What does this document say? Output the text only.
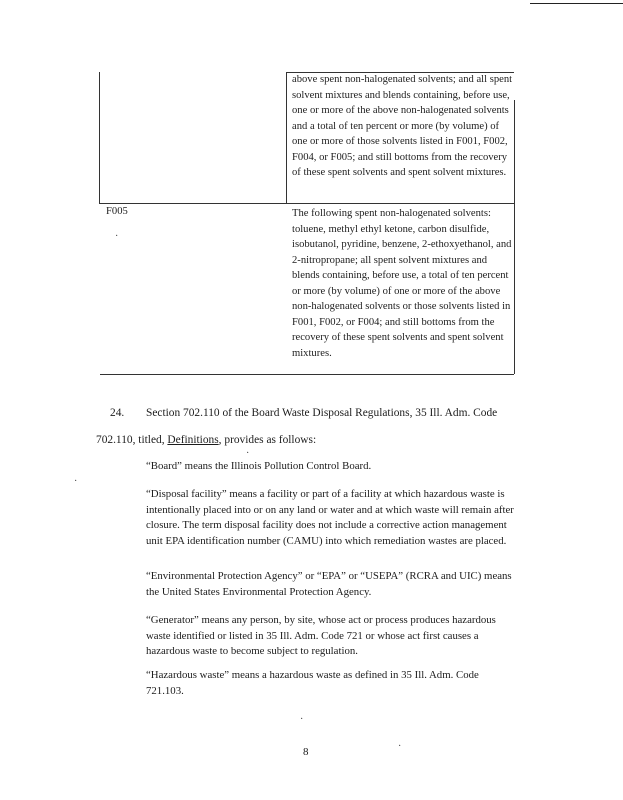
above spent non-halogenated solvents; and all spent solvent mixtures and blends containing, before use, one or more of the above non-halogenated solvents and a total of ten percent or more (by volume) of one or more of those solvents listed in F001, F002, F004, or F005; and still bottoms from the recovery of these spent solvents and spent solvent mixtures.
F005
·
The following spent non-halogenated solvents: toluene, methyl ethyl ketone, carbon disulfide, isobutanol, pyridine, benzene, 2-ethoxyethanol, and 2-nitropropane; all spent solvent mixtures and blends containing, before use, a total of ten percent or more (by volume) of one or more of the above non-halogenated solvents or those solvents listed in F001, F002, or F004; and still bottoms from the recovery of these spent solvents and spent solvent mixtures.
24. Section 702.110 of the Board Waste Disposal Regulations, 35 Ill. Adm. Code
702.110, titled, Definitions, provides as follows:
·
·
·
·
“Board” means the Illinois Pollution Control Board.
“Disposal facility” means a facility or part of a facility at which hazardous waste is intentionally placed into or on any land or water and at which waste will remain after closure. The term disposal facility does not include a corrective action management unit EPA identification number (CAMU) into which remediation wastes are placed.
“Environmental Protection Agency” or “EPA” or “USEPA” (RCRA and UIC) means the United States Environmental Protection Agency.
“Generator” means any person, by site, whose act or process produces hazardous waste identified or listed in 35 Ill. Adm. Code 721 or whose act first causes a hazardous waste to become subject to regulation.
“Hazardous waste” means a hazardous waste as defined in 35 Ill. Adm. Code 721.103.
8
